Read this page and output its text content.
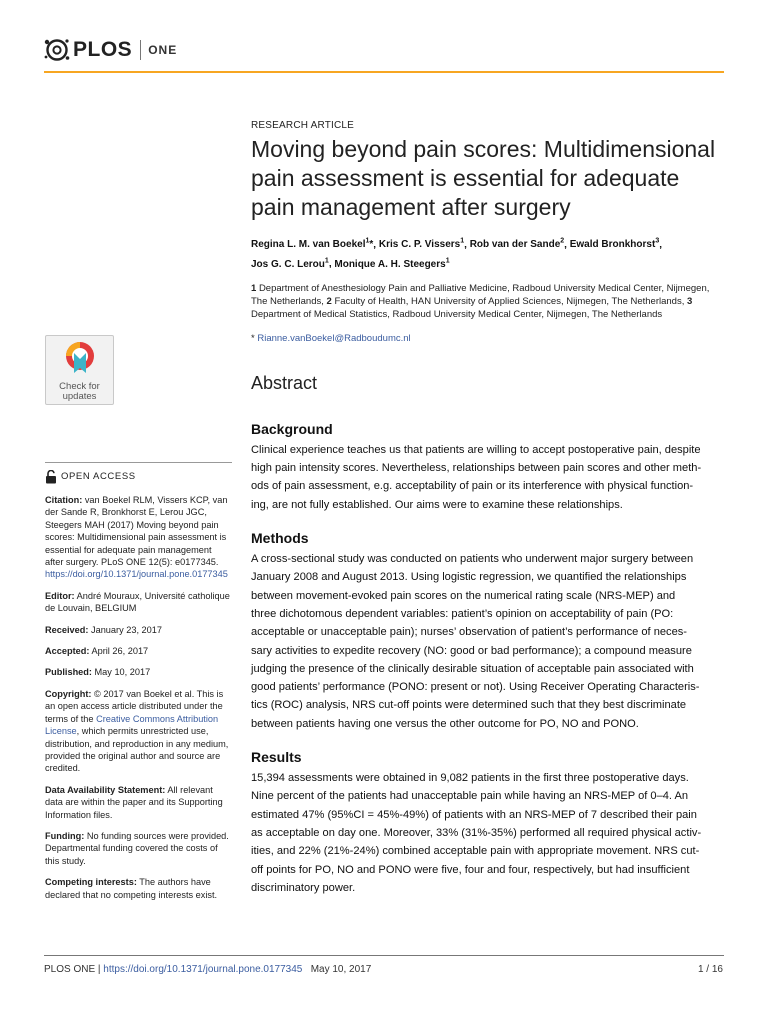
PLOS ONE
Check for
updates
OPEN ACCESS
Citation: van Boekel RLM, Vissers KCP, van der Sande R, Bronkhorst E, Lerou JGC, Steegers MAH (2017) Moving beyond pain scores: Multidimensional pain assessment is essential for adequate pain management after surgery. PLoS ONE 12(5): e0177345. https://doi.org/10.1371/journal.pone.0177345
Editor: André Mouraux, Université catholique de Louvain, BELGIUM
Received: January 23, 2017
Accepted: April 26, 2017
Published: May 10, 2017
Copyright: © 2017 van Boekel et al. This is an open access article distributed under the terms of the Creative Commons Attribution License, which permits unrestricted use, distribution, and reproduction in any medium, provided the original author and source are credited.
Data Availability Statement: All relevant data are within the paper and its Supporting Information files.
Funding: No funding sources were provided. Departmental funding covered the costs of this study.
Competing interests: The authors have declared that no competing interests exist.
RESEARCH ARTICLE
Moving beyond pain scores: Multidimensional pain assessment is essential for adequate pain management after surgery
Regina L. M. van Boekel$^1$*, Kris C. P. Vissers$^1$, Rob van der Sande$^2$, Ewald Bronkhorst$^3$,
Jos G. C. Lerou$^1$, Monique A. H. Steegers$^1$
1 Department of Anesthesiology Pain and Palliative Medicine, Radboud University Medical Center, Nijmegen, The Netherlands, 2 Faculty of Health, HAN University of Applied Sciences, Nijmegen, The Netherlands, 3 Department of Medical Statistics, Radboud University Medical Center, Nijmegen, The Netherlands
* Rianne.vanBoekel@Radboudumc.nl
Abstract
Background
Clinical experience teaches us that patients are willing to accept postoperative pain, despite
high pain intensity scores. Nevertheless, relationships between pain scores and other meth-
ods of pain assessment, e.g. acceptability of pain or its interference with physical function-
ing, are not fully established. Our aims were to examine these relationships.
Methods
A cross-sectional study was conducted on patients who underwent major surgery between
January 2008 and August 2013. Using logistic regression, we quantified the relationships
between movement-evoked pain scores on the numerical rating scale (NRS-MEP) and
three dichotomous dependent variables: patient’s opinion on acceptability of pain (PO:
acceptable or unacceptable pain); nurses’ observation of patient’s performance of neces-
sary activities to expedite recovery (NO: good or bad performance); a compound measure
judging the presence of the clinically desirable situation of acceptable pain associated with
good patients’ performance (PONO: present or not). Using Receiver Operating Characteris-
tics (ROC) analysis, NRS cut-off points were determined such that they best discriminate
between patients having one versus the other outcome for PO, NO and PONO.
Results
15,394 assessments were obtained in 9,082 patients in the first three postoperative days.
Nine percent of the patients had unacceptable pain while having an NRS-MEP of 0–4. An
estimated 47% (95%CI = 45%-49%) of patients with an NRS-MEP of 7 described their pain
as acceptable on day one. Moreover, 33% (31%-35%) performed all required physical activ-
ities, and 22% (21%-24%) combined acceptable pain with appropriate movement. NRS cut-
off points for PO, NO and PONO were five, four and four, respectively, but had insufficient
discriminatory power.
PLOS ONE | https://doi.org/10.1371/journal.pone.0177345 May 10, 2017	1 / 16
